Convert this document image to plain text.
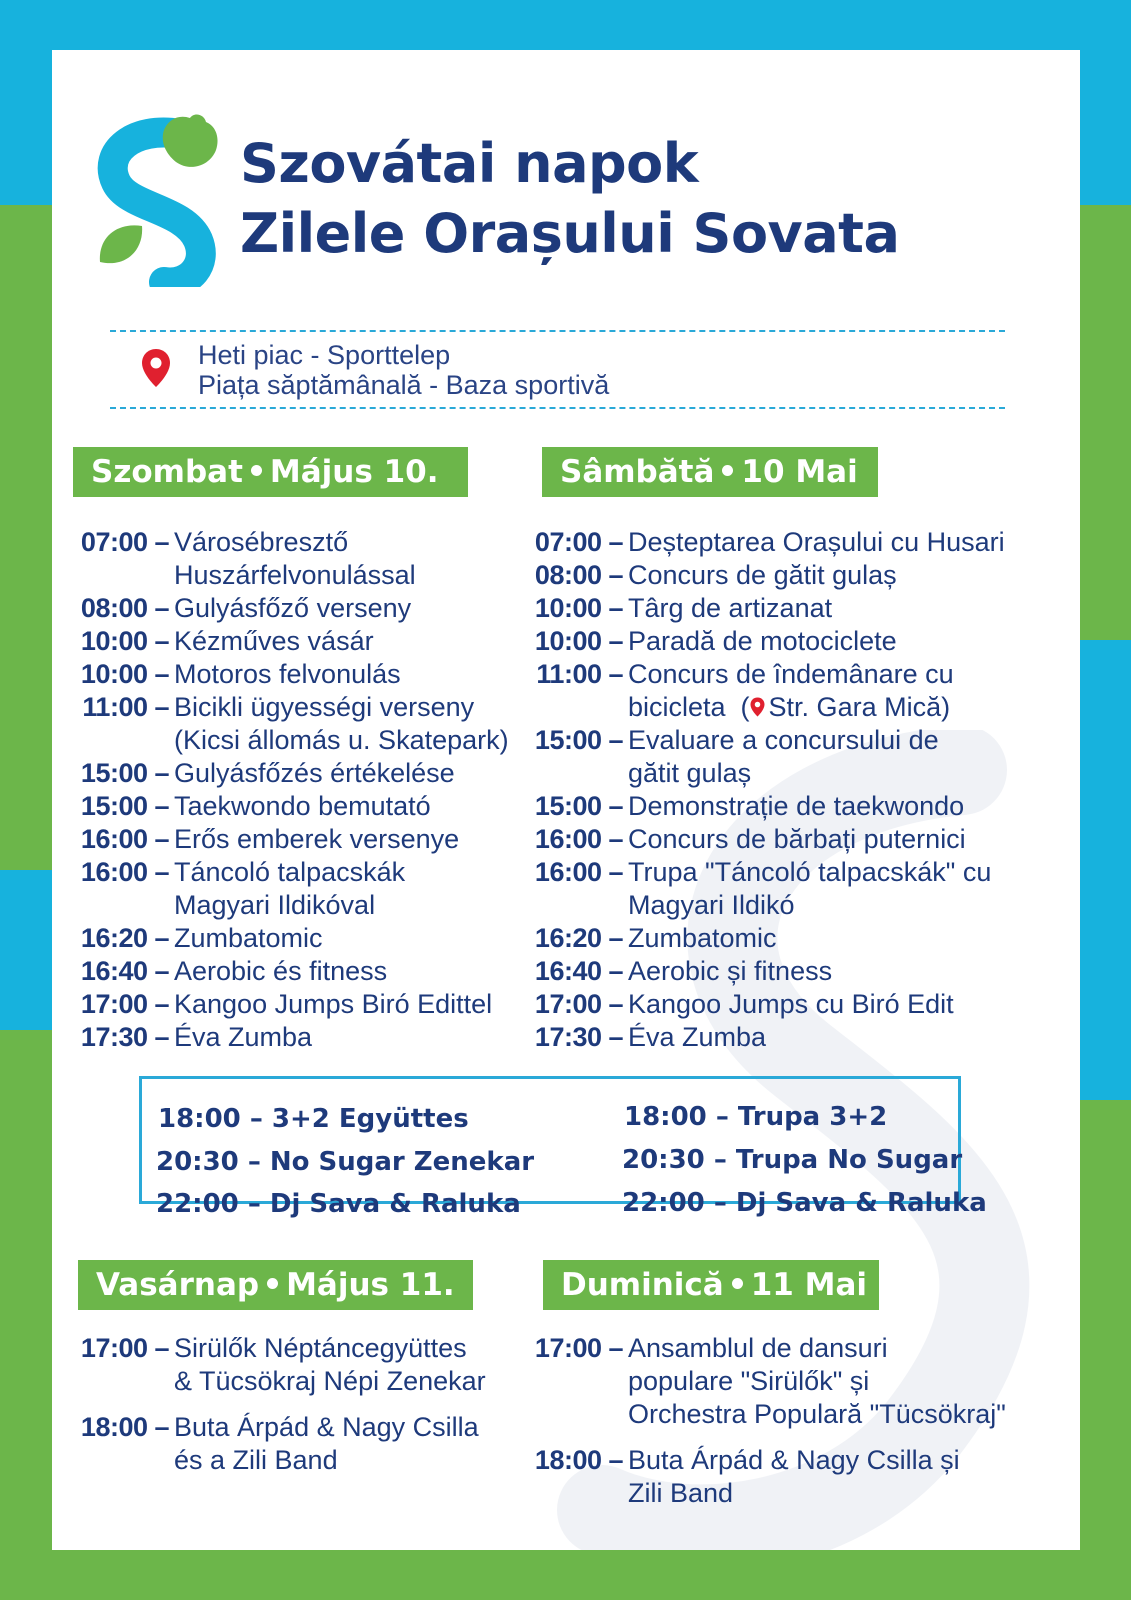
Szovátai napok
Zilele Orașului Sovata
Heti piac - Sporttelep
Piața săptămânală - Baza sportivă
Szombat Május 10.	Sâmbătă 10 Mai
07:00 – Városébresztő
Huszárfelvonulással
08:00 – Gulyásfőző verseny
10:00 – Kézműves vásár
10:00 – Motoros felvonulás
11:00 – Bicikli ügyességi verseny
(Kicsi állomás u. Skatepark)
15:00 – Gulyásfőzés értékelése
15:00 – Taekwondo bemutató
16:00 – Erős emberek versenye
16:00 – Táncoló talpacskák
Magyari Ildikóval
16:20 – Zumbatomic
16:40 – Aerobic és fitness
17:00 – Kangoo Jumps Biró Edittel
17:30 – Éva Zumba
07:00 – Deșteptarea Orașului cu Husari
08:00 – Concurs de gătit gulaș
10:00 – Târg de artizanat
10:00 – Paradă de motociclete
11:00 – Concurs de îndemânare cu
bicicleta  ( Str. Gara Mică)
15:00 – Evaluare a concursului de
gătit gulaș
15:00 – Demonstrație de taekwondo
16:00 – Concurs de bărbați puternici
16:00 – Trupa "Táncoló talpacskák" cu
Magyari Ildikó
16:20 – Zumbatomic
16:40 – Aerobic și fitness
17:00 – Kangoo Jumps cu Biró Edit
17:30 – Éva Zumba
18:00 – 3+2 Együttes
20:30 – No Sugar Zenekar
22:00 – Dj Sava & Raluka
18:00 – Trupa 3+2
20:30 – Trupa No Sugar
22:00 – Dj Sava & Raluka
Vasárnap Május 11.	Duminică 11 Mai
17:00 – Sirülők Néptáncegyüttes
& Tücsökraj Népi Zenekar
18:00 – Buta Árpád & Nagy Csilla
és a Zili Band
17:00 – Ansamblul de dansuri
populare "Sirülők" și
Orchestra Populară "Tücsökraj"
18:00 – Buta Árpád & Nagy Csilla și
Zili Band
